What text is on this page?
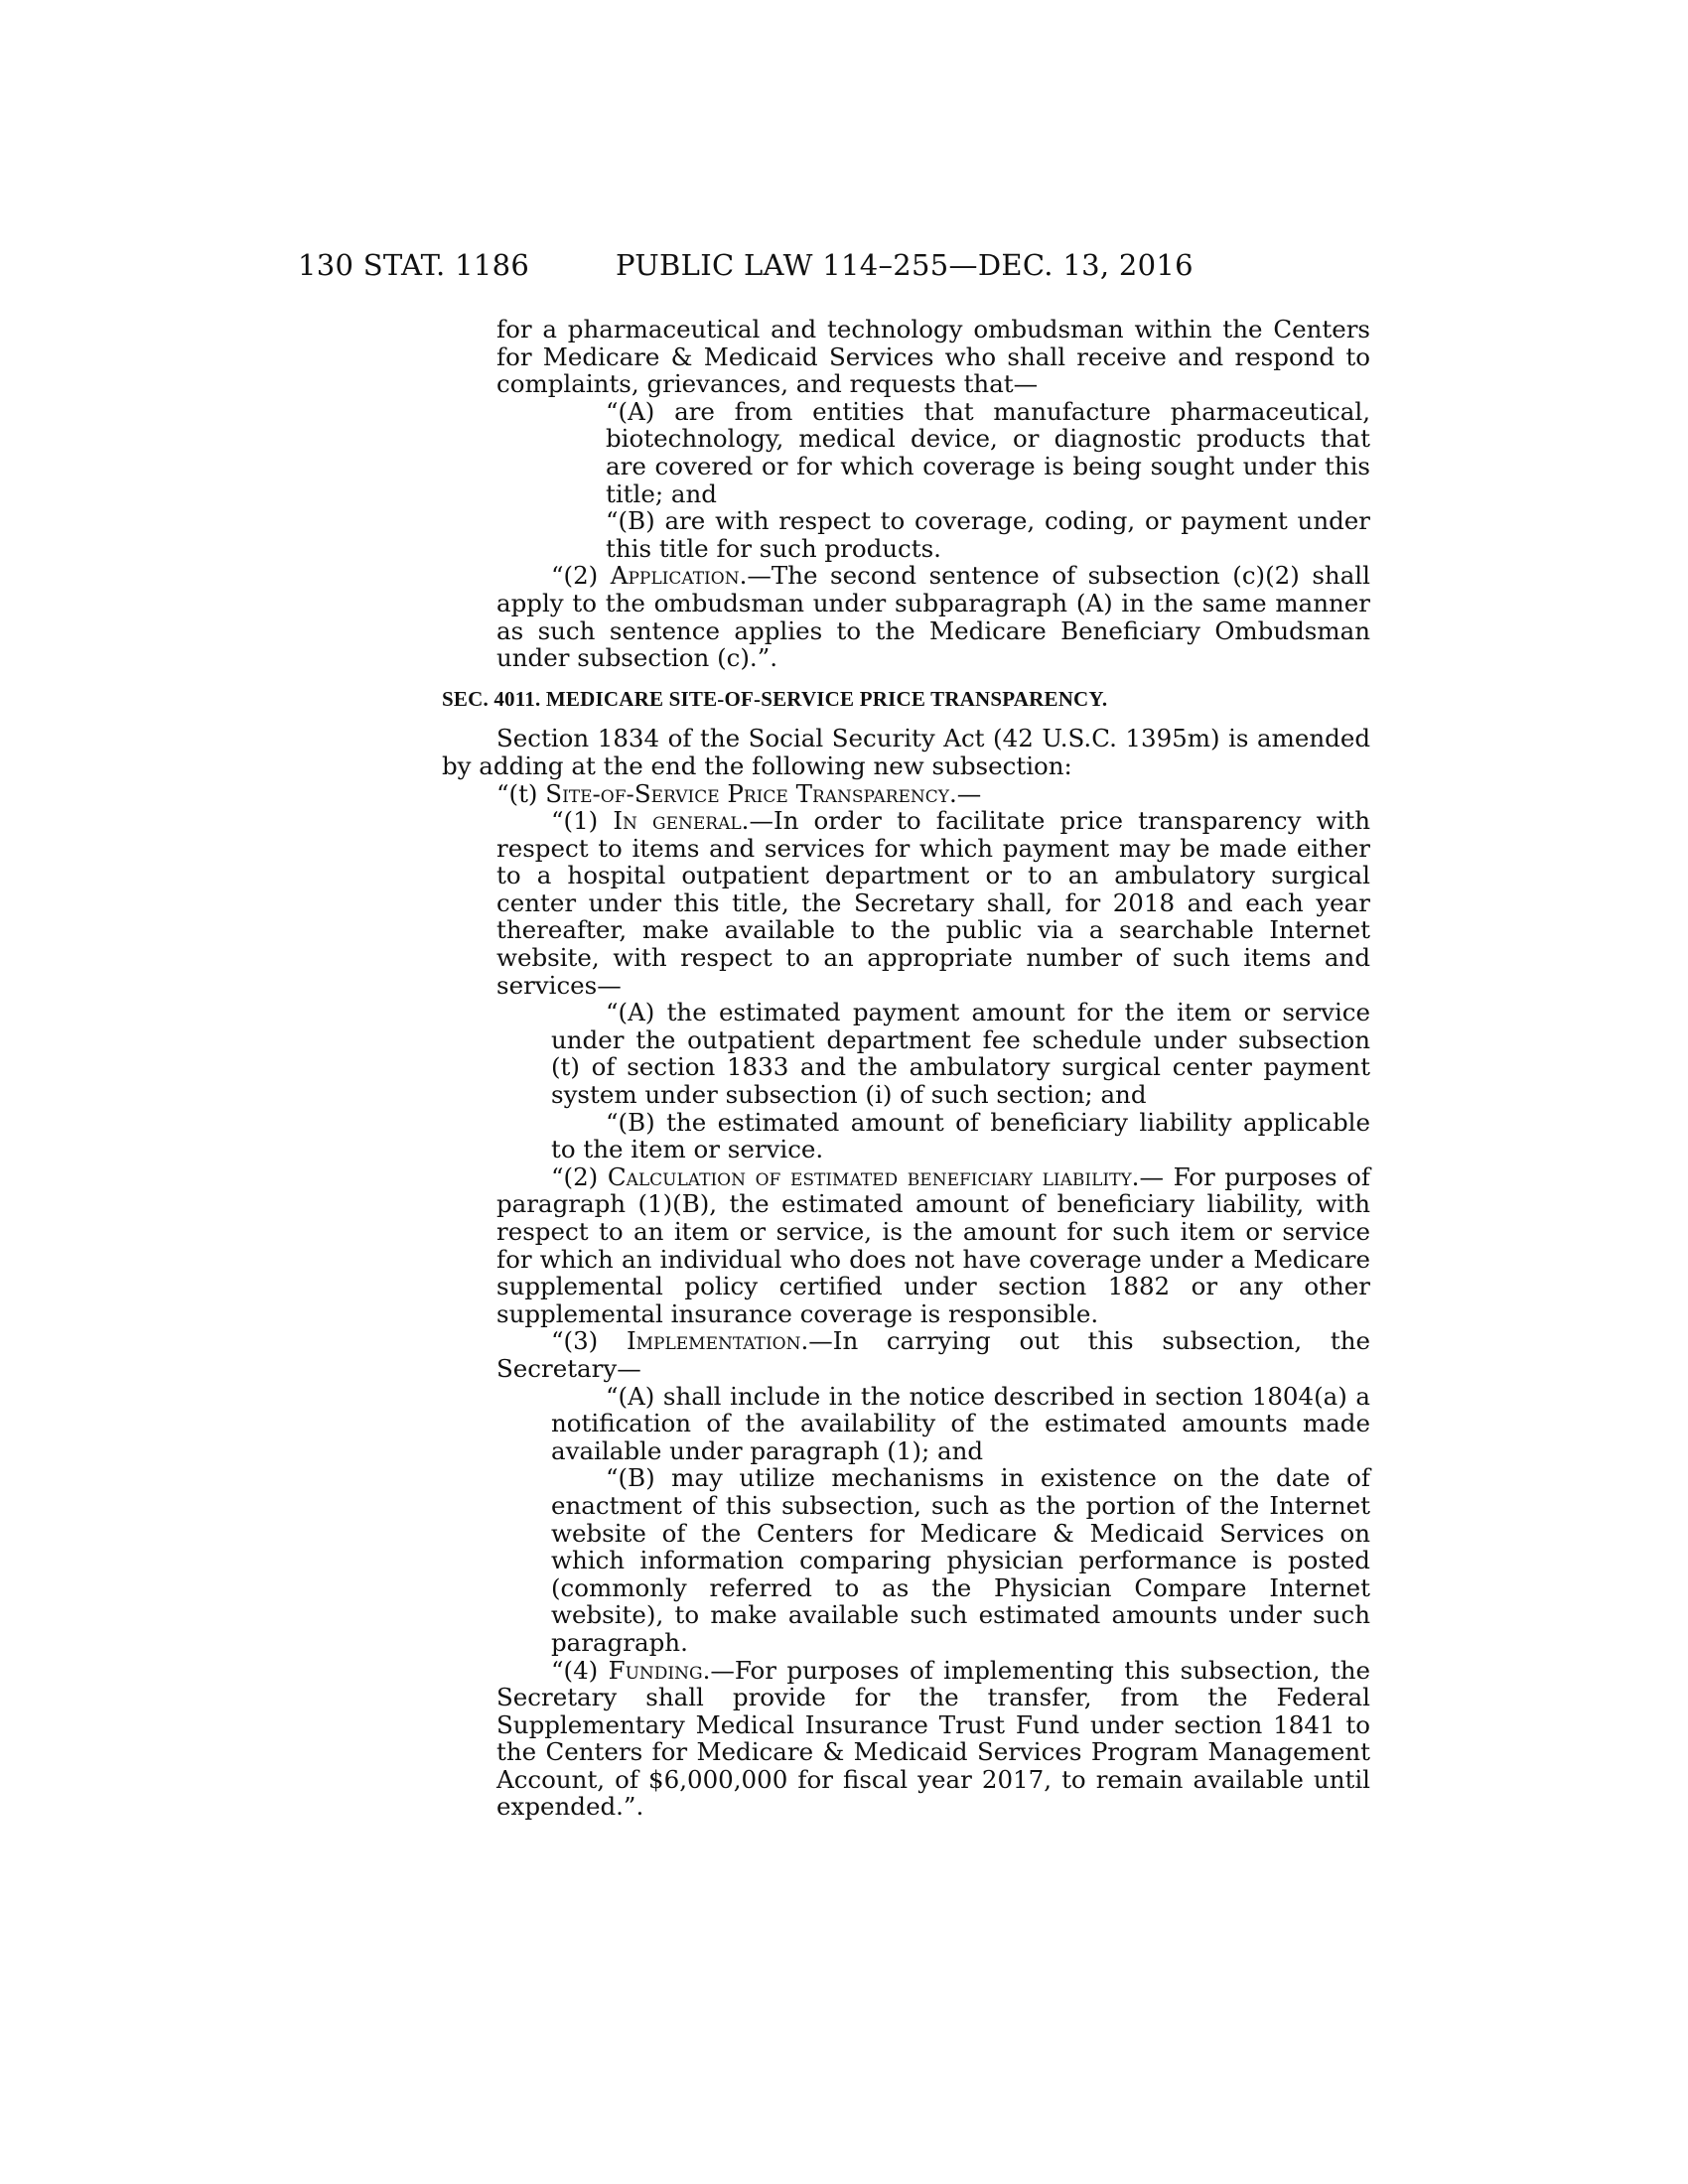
130 STAT. 1186	PUBLIC LAW 114–255—DEC. 13, 2016

for a pharmaceutical and technology ombudsman within the Centers for Medicare & Medicaid Services who shall receive and respond to complaints, grievances, and requests that—

“(A) are from entities that manufacture pharmaceutical, biotechnology, medical device, or diagnostic products that are covered or for which coverage is being sought under this title; and

“(B) are with respect to coverage, coding, or payment under this title for such products.

“(2) Application.—The second sentence of subsection (c)(2) shall apply to the ombudsman under subparagraph (A) in the same manner as such sentence applies to the Medicare Beneficiary Ombudsman under subsection (c).”.

SEC. 4011. MEDICARE SITE-OF-SERVICE PRICE TRANSPARENCY.

Section 1834 of the Social Security Act (42 U.S.C. 1395m) is amended by adding at the end the following new subsection:

“(t) Site-of-Service Price Transparency.—

“(1) In general.—In order to facilitate price transparency with respect to items and services for which payment may be made either to a hospital outpatient department or to an ambulatory surgical center under this title, the Secretary shall, for 2018 and each year thereafter, make available to the public via a searchable Internet website, with respect to an appropriate number of such items and services—

“(A) the estimated payment amount for the item or service under the outpatient department fee schedule under subsection (t) of section 1833 and the ambulatory surgical center payment system under subsection (i) of such section; and

“(B) the estimated amount of beneficiary liability applicable to the item or service.

“(2) Calculation of estimated beneficiary liability.— For purposes of paragraph (1)(B), the estimated amount of beneficiary liability, with respect to an item or service, is the amount for such item or service for which an individual who does not have coverage under a Medicare supplemental policy certified under section 1882 or any other supplemental insurance coverage is responsible.

“(3) Implementation.—In carrying out this subsection, the Secretary—

“(A) shall include in the notice described in section 1804(a) a notification of the availability of the estimated amounts made available under paragraph (1); and

“(B) may utilize mechanisms in existence on the date of enactment of this subsection, such as the portion of the Internet website of the Centers for Medicare & Medicaid Services on which information comparing physician performance is posted (commonly referred to as the Physician Compare Internet website), to make available such estimated amounts under such paragraph.

“(4) Funding.—For purposes of implementing this subsection, the Secretary shall provide for the transfer, from the Federal Supplementary Medical Insurance Trust Fund under section 1841 to the Centers for Medicare & Medicaid Services Program Management Account, of $6,000,000 for fiscal year 2017, to remain available until expended.”.
